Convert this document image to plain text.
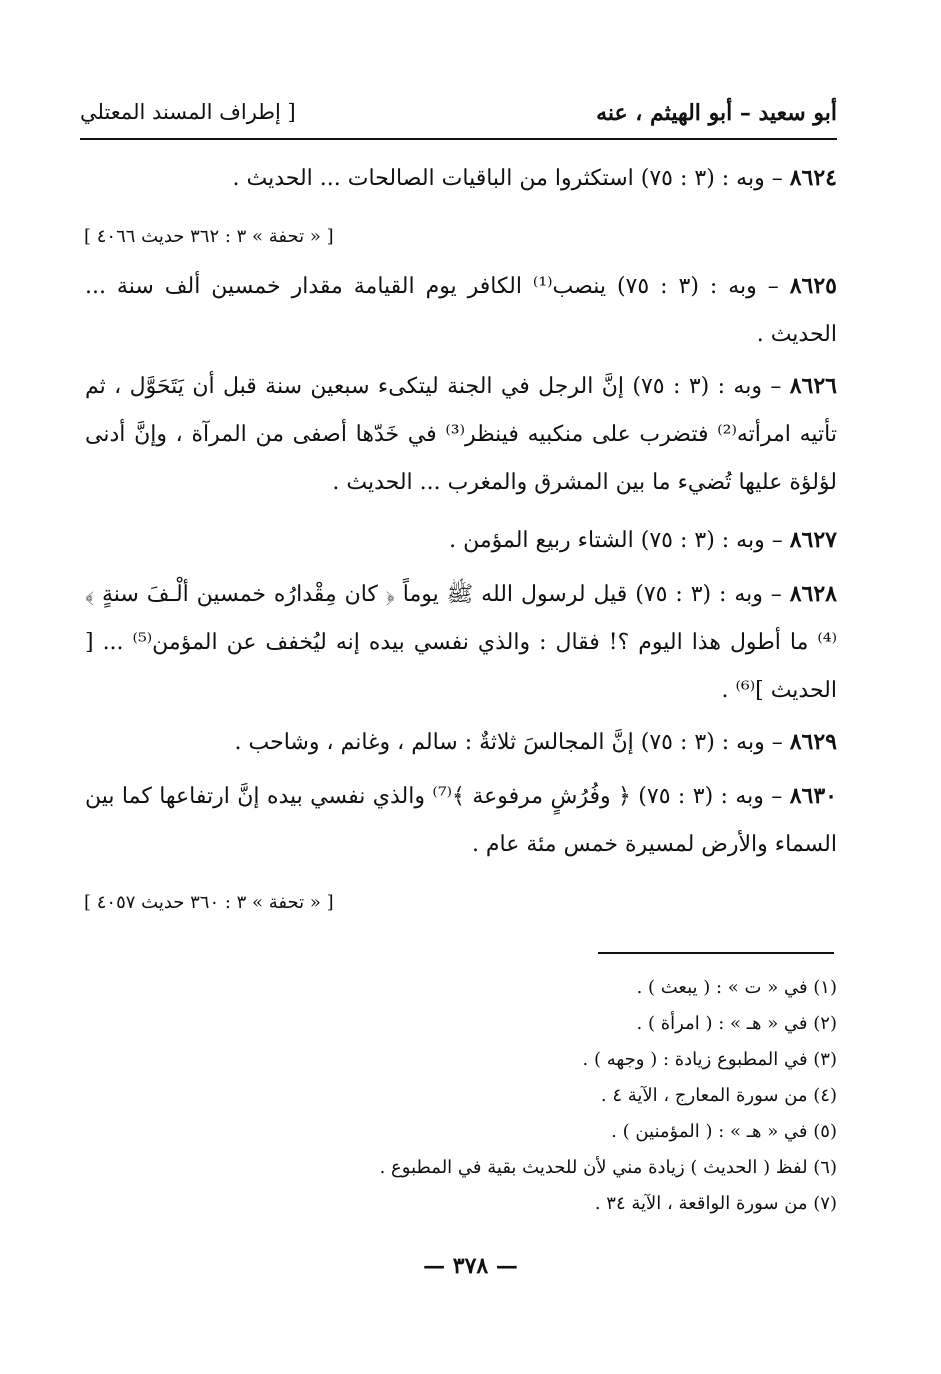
أبو سعيد – أبو الهيثم ، عنه
[ إطراف المسند المعتلي
٨٦٢٤ – وبه : (٣ : ٧٥) استكثروا من الباقيات الصالحات ... الحديث .
[ « تحفة » ٣ : ٣٦٢ حديث ٤٠٦٦ ]
٨٦٢٥ – وبه : (٣ : ٧٥) ينصب⁽¹⁾ الكافر يوم القيامة مقدار خمسين ألف سنة ... الحديث .
٨٦٢٦ – وبه : (٣ : ٧٥) إنَّ الرجل في الجنة ليتكىء سبعين سنة قبل أن يَتَحَوَّل ، ثم تأتيه امرأته⁽²⁾ فتضرب على منكبيه فينظر⁽³⁾ في خَدّها أصفى من المرآة ، وإنَّ أدنى لؤلؤة عليها تُضيء ما بين المشرق والمغرب ... الحديث .
٨٦٢٧ – وبه : (٣ : ٧٥) الشتاء ربيع المؤمن .
٨٦٢٨ – وبه : (٣ : ٧٥) قيل لرسول الله ﷺ يوماً ﴿ كان مِقْدارُه خمسين ألْـفَ سنةٍ ﴾⁽⁴⁾ ما أطول هذا اليوم ؟! فقال : والذي نفسي بيده إنه ليُخفف عن المؤمن⁽⁵⁾ ... [ الحديث ]⁽⁶⁾ .
٨٦٢٩ – وبه : (٣ : ٧٥) إنَّ المجالسَ ثلاثةٌ : سالم ، وغانم ، وشاحب .
٨٦٣٠ – وبه : (٣ : ٧٥) ﴿ وفُرُشٍ مرفوعة ﴾⁽⁷⁾ والذي نفسي بيده إنَّ ارتفاعها كما بين السماء والأرض لمسيرة خمس مئة عام .
[ « تحفة » ٣ : ٣٦٠ حديث ٤٠٥٧ ]
(١) في « ت » : ( يبعث ) .
(٢) في « هـ » : ( امرأة ) .
(٣) في المطبوع زيادة : ( وجهه ) .
(٤) من سورة المعارج ، الآية ٤ .
(٥) في « هـ » : ( المؤمنين ) .
(٦) لفظ ( الحديث ) زيادة مني لأن للحديث بقية في المطبوع .
(٧) من سورة الواقعة ، الآية ٣٤ .
— ٣٧٨ —
